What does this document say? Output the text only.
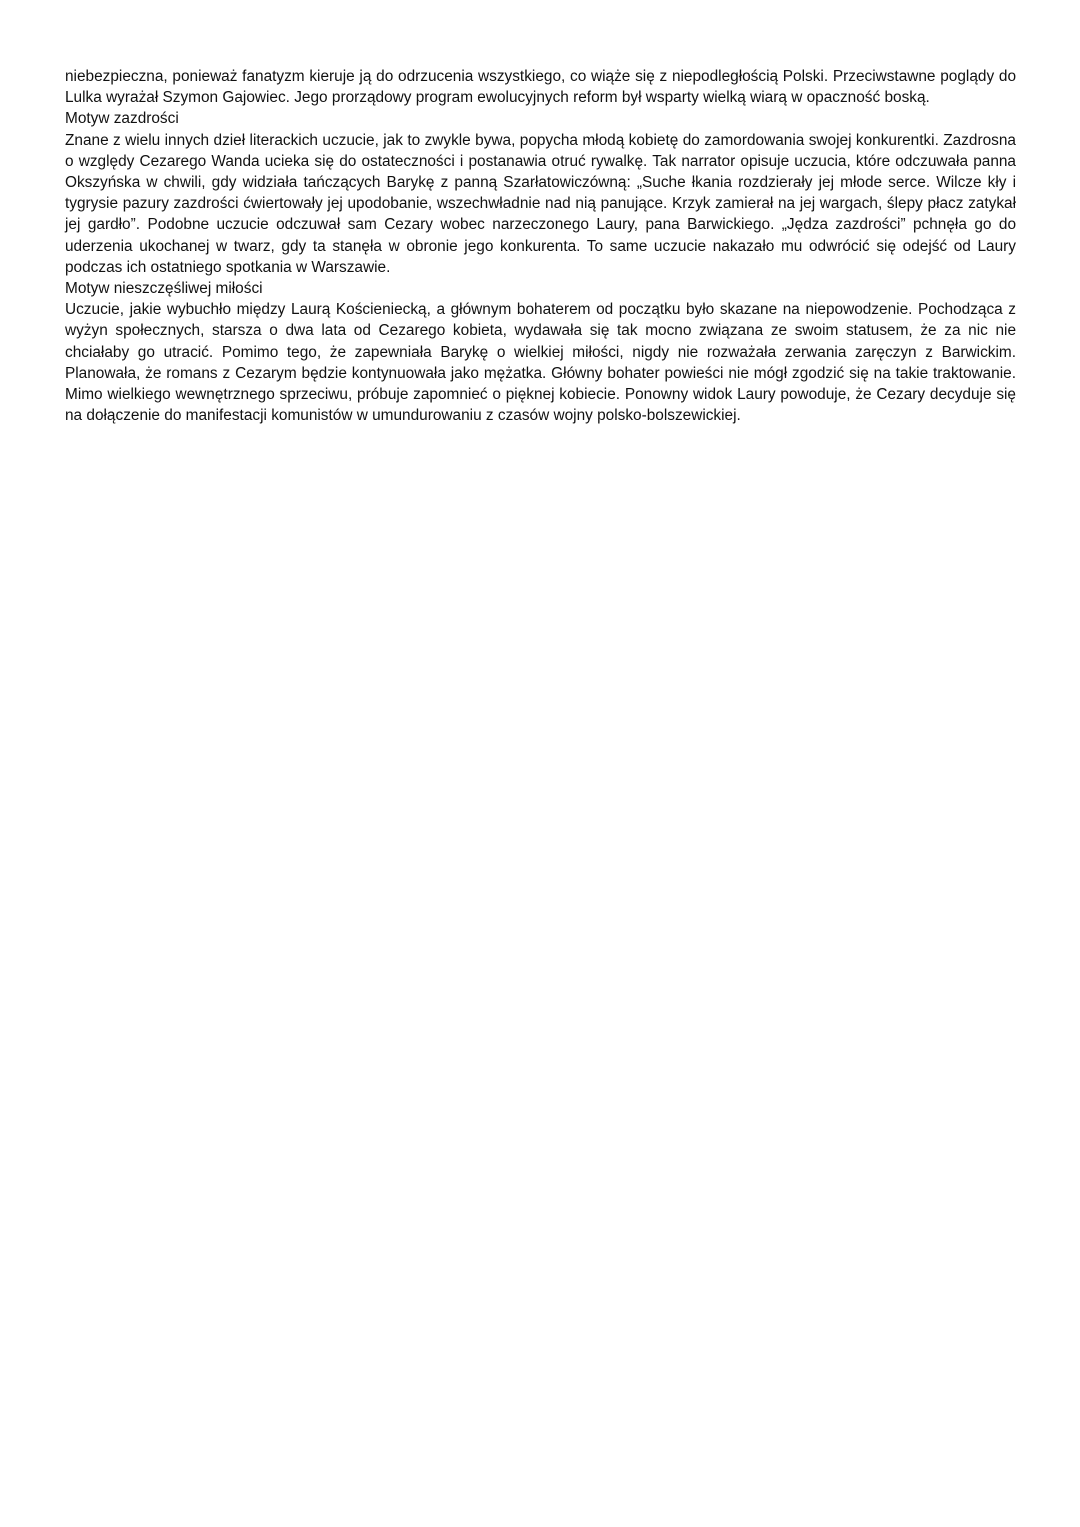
niebezpieczna, ponieważ fanatyzm kieruje ją do odrzucenia wszystkiego, co wiąże się z niepodległością Polski. Przeciwstawne poglądy do Lulka wyrażał Szymon Gajowiec. Jego prorządowy program ewolucyjnych reform był wsparty wielką wiarą w opaczność boską.

Motyw zazdrości

Znane z wielu innych dzieł literackich uczucie, jak to zwykle bywa, popycha młodą kobietę do zamordowania swojej konkurentki. Zazdrosna o względy Cezarego Wanda ucieka się do ostateczności i postanawia otruć rywalkę. Tak narrator opisuje uczucia, które odczuwała panna Okszyńska w chwili, gdy widziała tańczących Barykę z panną Szarłatowiczówną: „Suche łkania rozdzierały jej młode serce. Wilcze kły i tygrysie pazury zazdrości ćwiertowały jej upodobanie, wszechwładnie nad nią panujące. Krzyk zamierał na jej wargach, ślepy płacz zatykał jej gardło”. Podobne uczucie odczuwał sam Cezary wobec narzeczonego Laury, pana Barwickiego. „Jędza zazdrości” pchnęła go do uderzenia ukochanej w twarz, gdy ta stanęła w obronie jego konkurenta. To same uczucie nakazało mu odwrócić się odejść od Laury podczas ich ostatniego spotkania w Warszawie.

Motyw nieszczęśliwej miłości

Uczucie, jakie wybuchło między Laurą Kościeniecką, a głównym bohaterem od początku było skazane na niepowodzenie. Pochodząca z wyżyn społecznych, starsza o dwa lata od Cezarego kobieta, wydawała się tak mocno związana ze swoim statusem, że za nic nie chciałaby go utracić. Pomimo tego, że zapewniała Barykę o wielkiej miłości, nigdy nie rozważała zerwania zaręczyn z Barwickim. Planowała, że romans z Cezarym będzie kontynuowała jako mężatka. Główny bohater powieści nie mógł zgodzić się na takie traktowanie. Mimo wielkiego wewnętrznego sprzeciwu, próbuje zapomnieć o pięknej kobiecie. Ponowny widok Laury powoduje, że Cezary decyduje się na dołączenie do manifestacji komunistów w umundurowaniu z czasów wojny polsko-bolszewickiej.
